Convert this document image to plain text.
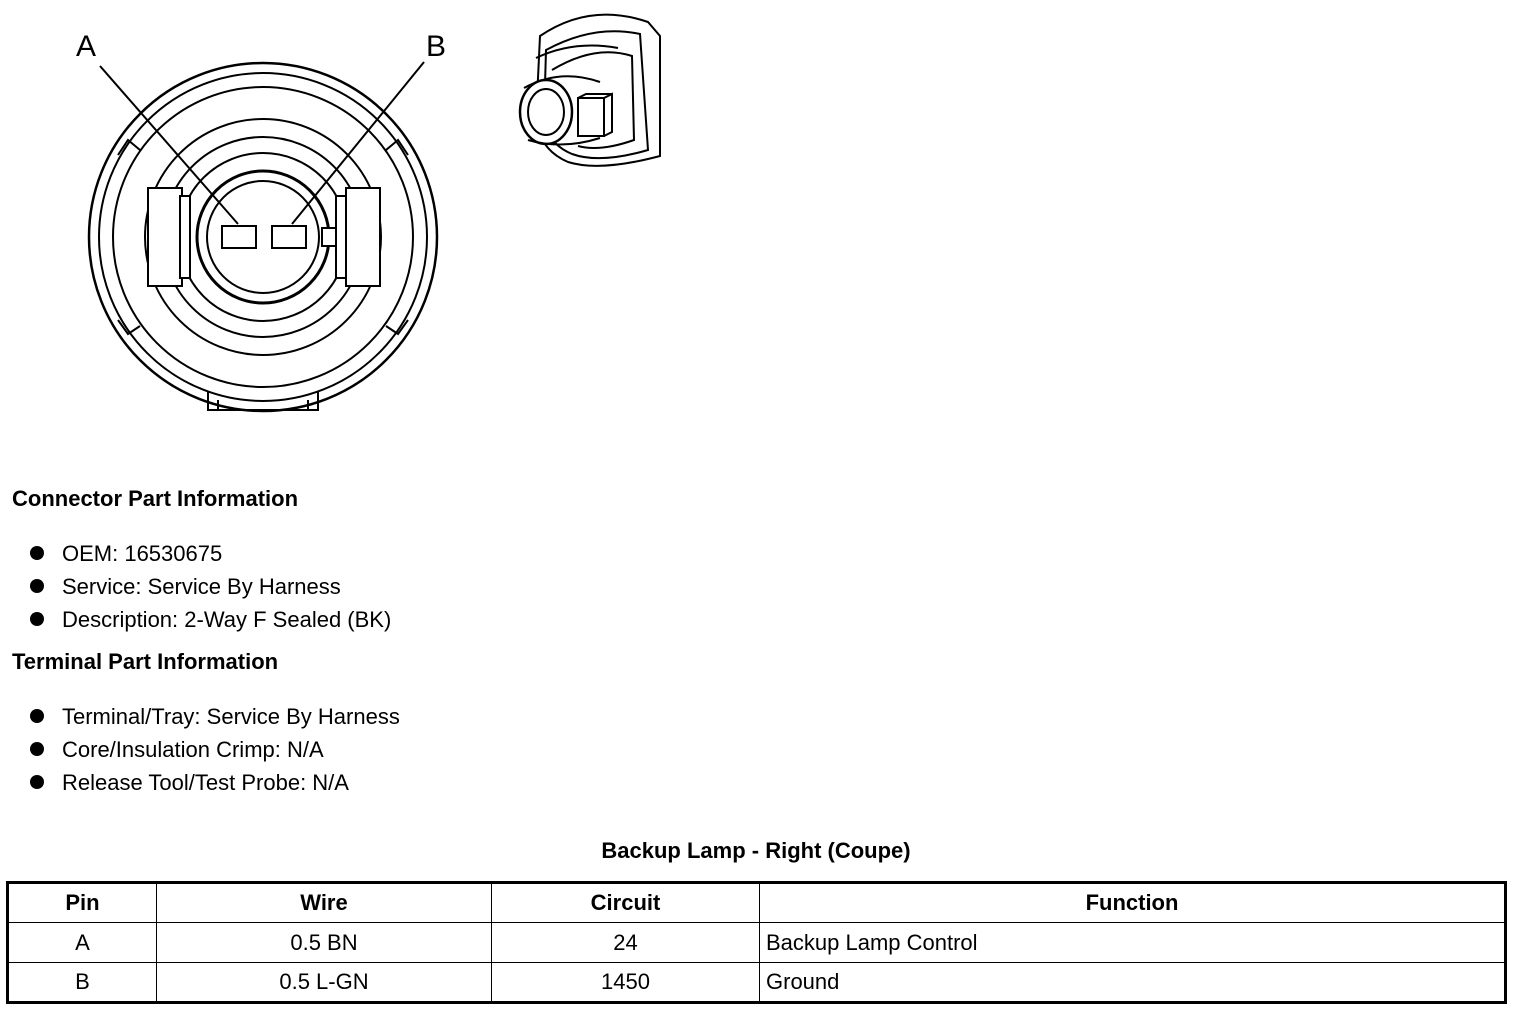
A	B
Connector Part Information
OEM: 16530675
Service: Service By Harness
Description: 2-Way F Sealed (BK)
Terminal Part Information
Terminal/Tray: Service By Harness
Core/Insulation Crimp: N/A
Release Tool/Test Probe: N/A
Backup Lamp - Right (Coupe)
Pin	Wire	Circuit	Function
A	0.5 BN	24	Backup Lamp Control
B	0.5 L-GN	1450	Ground
